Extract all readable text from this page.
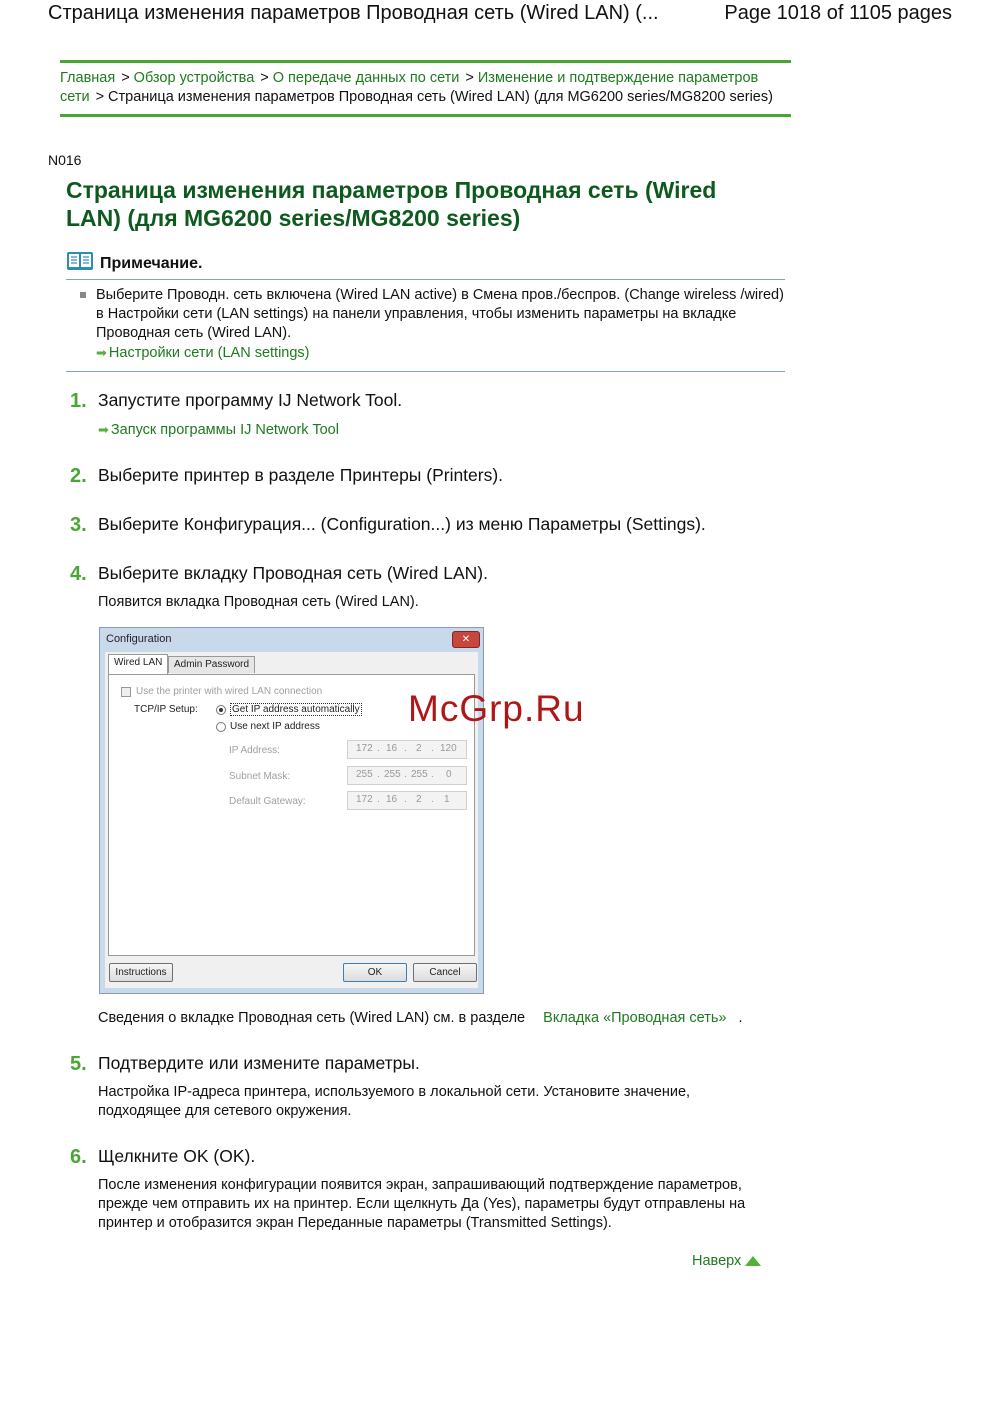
Страница изменения параметров Проводная сеть (Wired LAN) (...	Page 1018 of 1105 pages
Главная > Обзор устройства > О передаче данных по сети > Изменение и подтверждение параметров сети > Страница изменения параметров Проводная сеть (Wired LAN) (для MG6200 series/MG8200 series)
N016
Страница изменения параметров Проводная сеть (Wired LAN) (для MG6200 series/MG8200 series)
Примечание.
Выберите Проводн. сеть включена (Wired LAN active) в Смена пров./беспров. (Change wireless /wired) в Настройки сети (LAN settings) на панели управления, чтобы изменить параметры на вкладке Проводная сеть (Wired LAN).
➡ Настройки сети (LAN settings)
1. Запустите программу IJ Network Tool.
➡ Запуск программы IJ Network Tool
2. Выберите принтер в разделе Принтеры (Printers).
3. Выберите Конфигурация... (Configuration...) из меню Параметры (Settings).
4. Выберите вкладку Проводная сеть (Wired LAN).
Появится вкладка Проводная сеть (Wired LAN).
Configuration	✕
Wired LAN	Admin Password
Use the printer with wired LAN connection
TCP/IP Setup:	Get IP address automatically
Use next IP address
IP Address:	172 . 16 . 2 . 120
Subnet Mask:	255 . 255 . 255 . 0
Default Gateway:	172 . 16 . 2 . 1
Instructions	OK	Cancel
McGrp.Ru
Сведения о вкладке Проводная сеть (Wired LAN) см. в разделе Вкладка «Проводная сеть» .
5. Подтвердите или измените параметры.
Настройка IP-адреса принтера, используемого в локальной сети. Установите значение, подходящее для сетевого окружения.
6. Щелкните OK (OK).
После изменения конфигурации появится экран, запрашивающий подтверждение параметров, прежде чем отправить их на принтер. Если щелкнуть Да (Yes), параметры будут отправлены на принтер и отобразится экран Переданные параметры (Transmitted Settings).
Наверх
